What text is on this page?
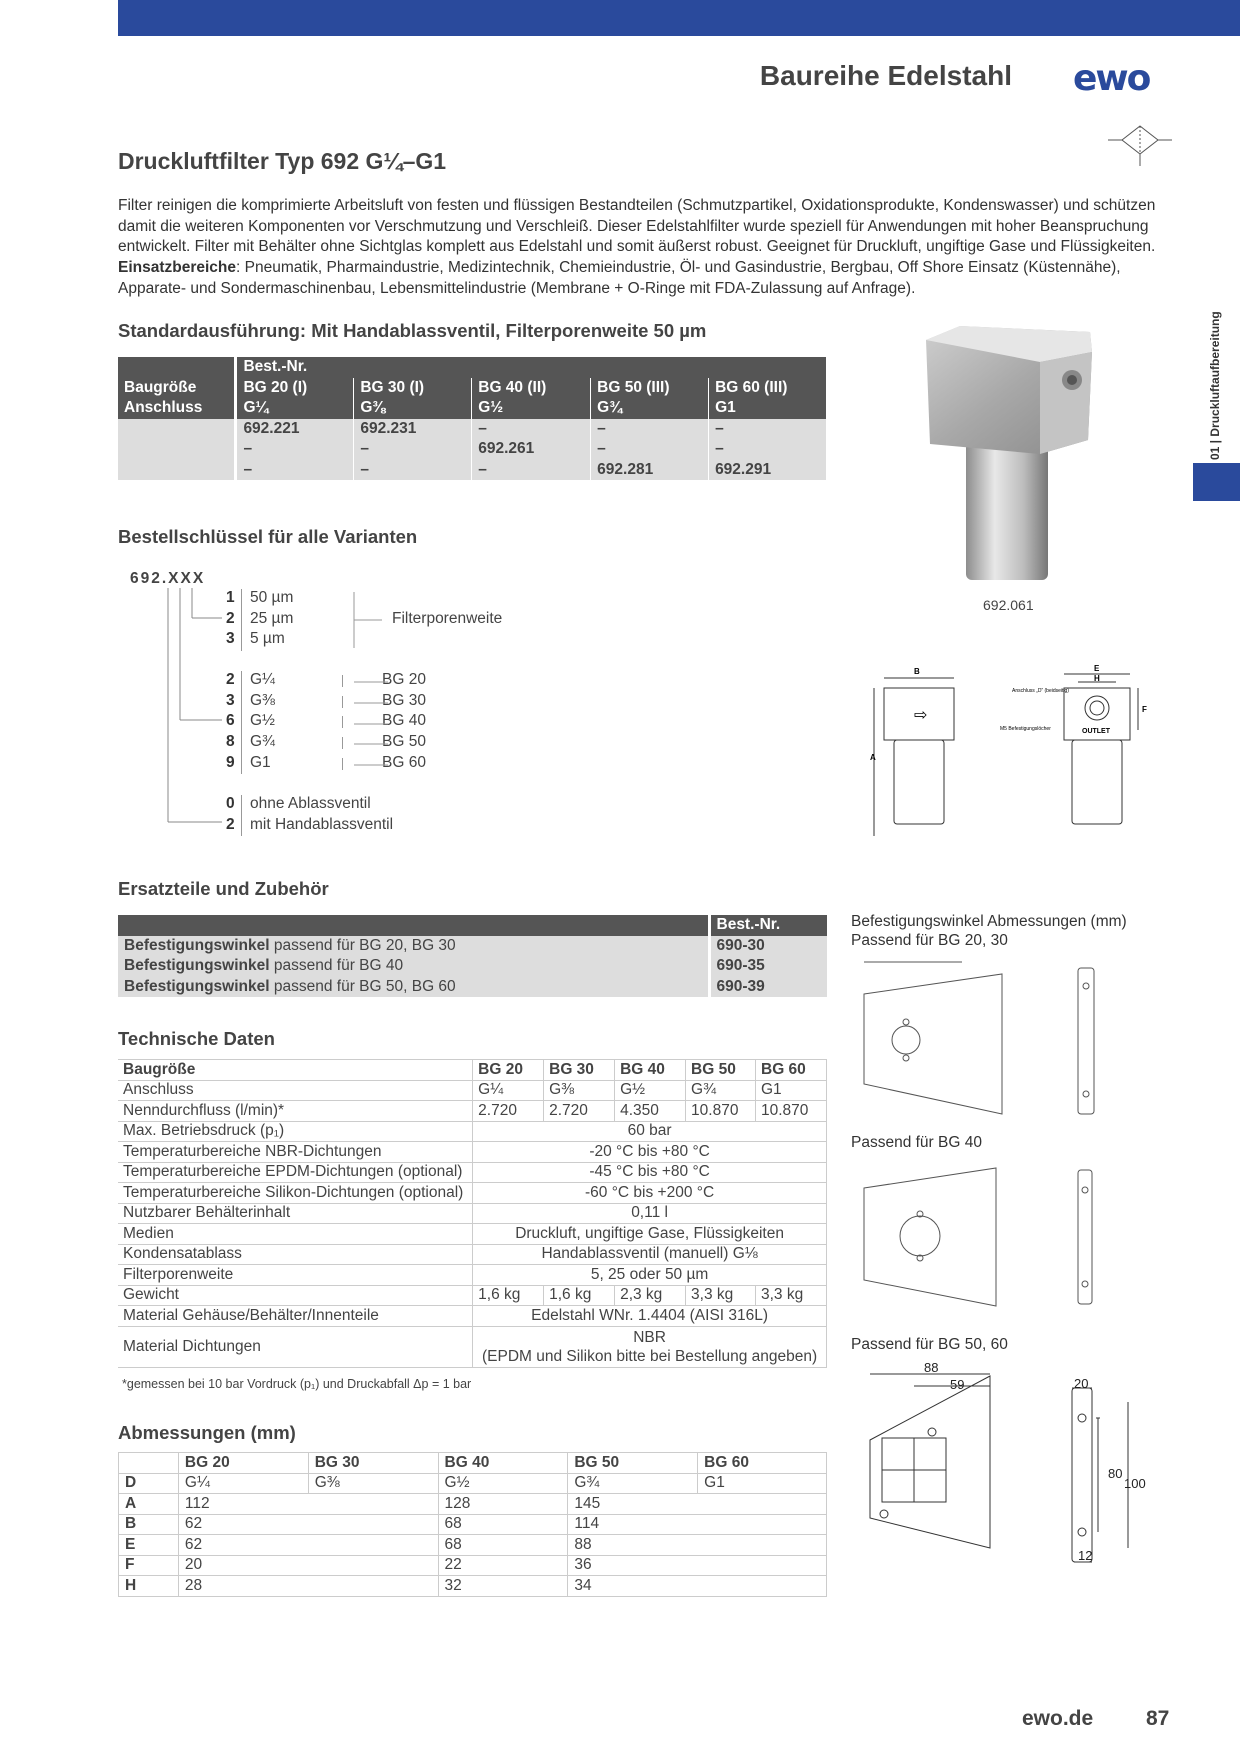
Baureihe Edelstahl ewo
01 | Druckluftaufbereitung
Druckluftfilter Typ 692 G¼–G1
Filter reinigen die komprimierte Arbeitsluft von festen und flüssigen Bestandteilen (Schmutzpartikel, Oxidationsprodukte, Kondenswasser) und schützen damit die weiteren Komponenten vor Verschmutzung und Verschleiß. Dieser Edelstahlfilter wurde speziell für Anwendungen mit hoher Beanspruchung entwickelt. Filter mit Behälter ohne Sichtglas komplett aus Edelstahl und somit äußerst robust. Geeignet für Druckluft, ungiftige Gase und Flüssigkeiten. Einsatzbereiche: Pneumatik, Pharmaindustrie, Medizintechnik, Chemieindustrie, Öl- und Gasindustrie, Bergbau, Off Shore Einsatz (Küstennähe), Apparate- und Sondermaschinenbau, Lebensmittelindustrie (Membrane + O-Ringe mit FDA-Zulassung auf Anfrage).
Standardausführung: Mit Handablassventil, Filterporenweite 50 µm
	Best.-Nr.				
Baugröße	BG 20 (I)	BG 30 (I)	BG 40 (II)	BG 50 (III)	BG 60 (III)
Anschluss	G¼	G⅜	G½	G¾	G1
	692.221	692.231	–	–	–
	–	–	692.261	–	–
	–	–	–	692.281	692.291
692.061
Bestellschlüssel für alle Varianten
692.XXX
1 50 µm
2 25 µm
3 5 µm
Filterporenweite
2 G¼	BG 20
3 G⅜	BG 30
6 G½	BG 40
8 G¾	BG 50
9 G1	BG 60
0 ohne Ablassventil
2 mit Handablassventil
B
A
E
H
F
OUTLET
Anschluss „D“ (beidseitig)
M5 Befestigungslöcher
⇨
Ersatzteile und Zubehör
	Best.-Nr.
Befestigungswinkel passend für BG 20, BG 30	690-30
Befestigungswinkel passend für BG 40	690-35
Befestigungswinkel passend für BG 50, BG 60	690-39
Technische Daten
Baugröße	BG 20	BG 30	BG 40	BG 50	BG 60
Anschluss	G¼	G⅜	G½	G¾	G1
Nenndurchfluss (l/min)*	2.720	2.720	4.350	10.870	10.870
Max. Betriebsdruck (p₁)	60 bar				
Temperaturbereiche NBR-Dichtungen	-20 °C bis +80 °C				
Temperaturbereiche EPDM-Dichtungen (optional)	-45 °C bis +80 °C				
Temperaturbereiche Silikon-Dichtungen (optional)	-60 °C bis +200 °C				
Nutzbarer Behälterinhalt	0,11 l				
Medien	Druckluft, ungiftige Gase, Flüssigkeiten				
Kondensatablass	Handablassventil (manuell) G⅛				
Filterporenweite	5, 25 oder 50 µm				
Gewicht	1,6 kg	1,6 kg	2,3 kg	3,3 kg	3,3 kg
Material Gehäuse/Behälter/Innenteile	Edelstahl WNr. 1.4404 (AISI 316L)				
Material Dichtungen	NBR
(EPDM und Silikon bitte bei Bestellung angeben)				
*gemessen bei 10 bar Vordruck (p₁) und Druckabfall Δp = 1 bar
Abmessungen (mm)
	BG 20	BG 30	BG 40	BG 50	BG 60
D	G¼	G⅜	G½	G¾	G1
A	112		128	145	
B	62		68	114	
E	62		68	88	
F	20		22	36	
H	28		32	34	
Befestigungswinkel Abmessungen (mm)
Passend für BG 20, 30
Passend für BG 40
Passend für BG 50, 60
88
59	20
80
100
12
ewo.de	87
